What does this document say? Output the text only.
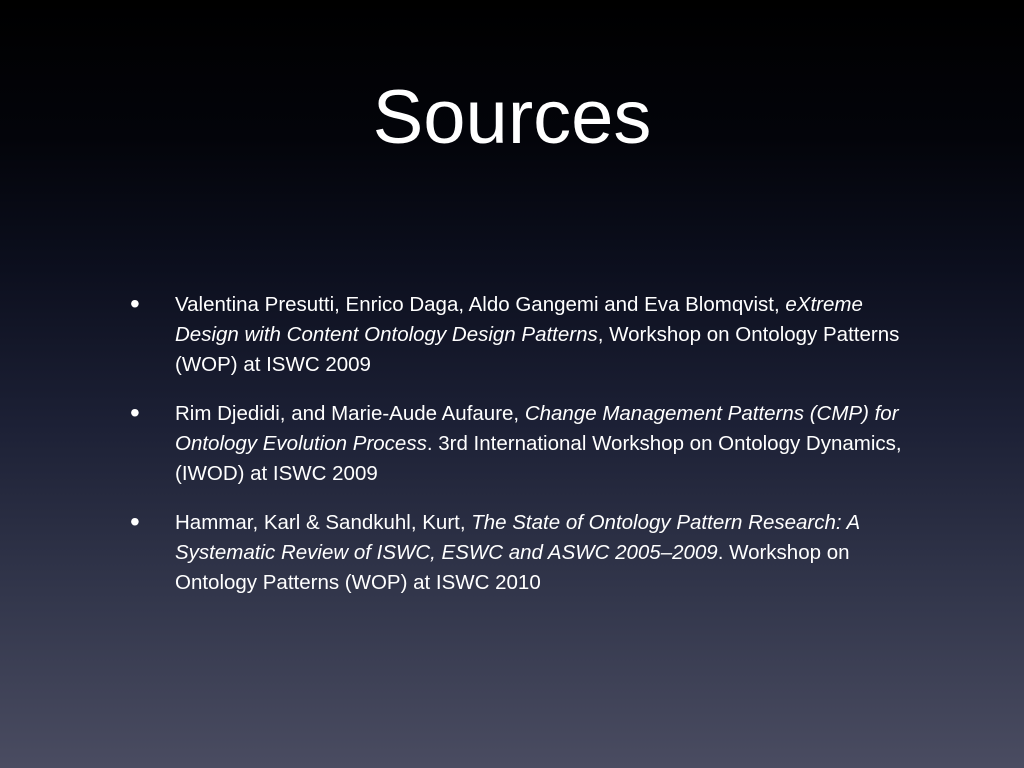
Sources
• Valentina Presutti, Enrico Daga, Aldo Gangemi and Eva Blomqvist, eXtreme Design with Content Ontology Design Patterns, Workshop on Ontology Patterns (WOP) at ISWC 2009
• Rim Djedidi, and Marie-Aude Aufaure, Change Management Patterns (CMP) for Ontology Evolution Process. 3rd International Workshop on Ontology Dynamics, (IWOD) at ISWC 2009
• Hammar, Karl & Sandkuhl, Kurt, The State of Ontology Pattern Research: A Systematic Review of ISWC, ESWC and ASWC 2005–2009. Workshop on Ontology Patterns (WOP) at ISWC 2010
